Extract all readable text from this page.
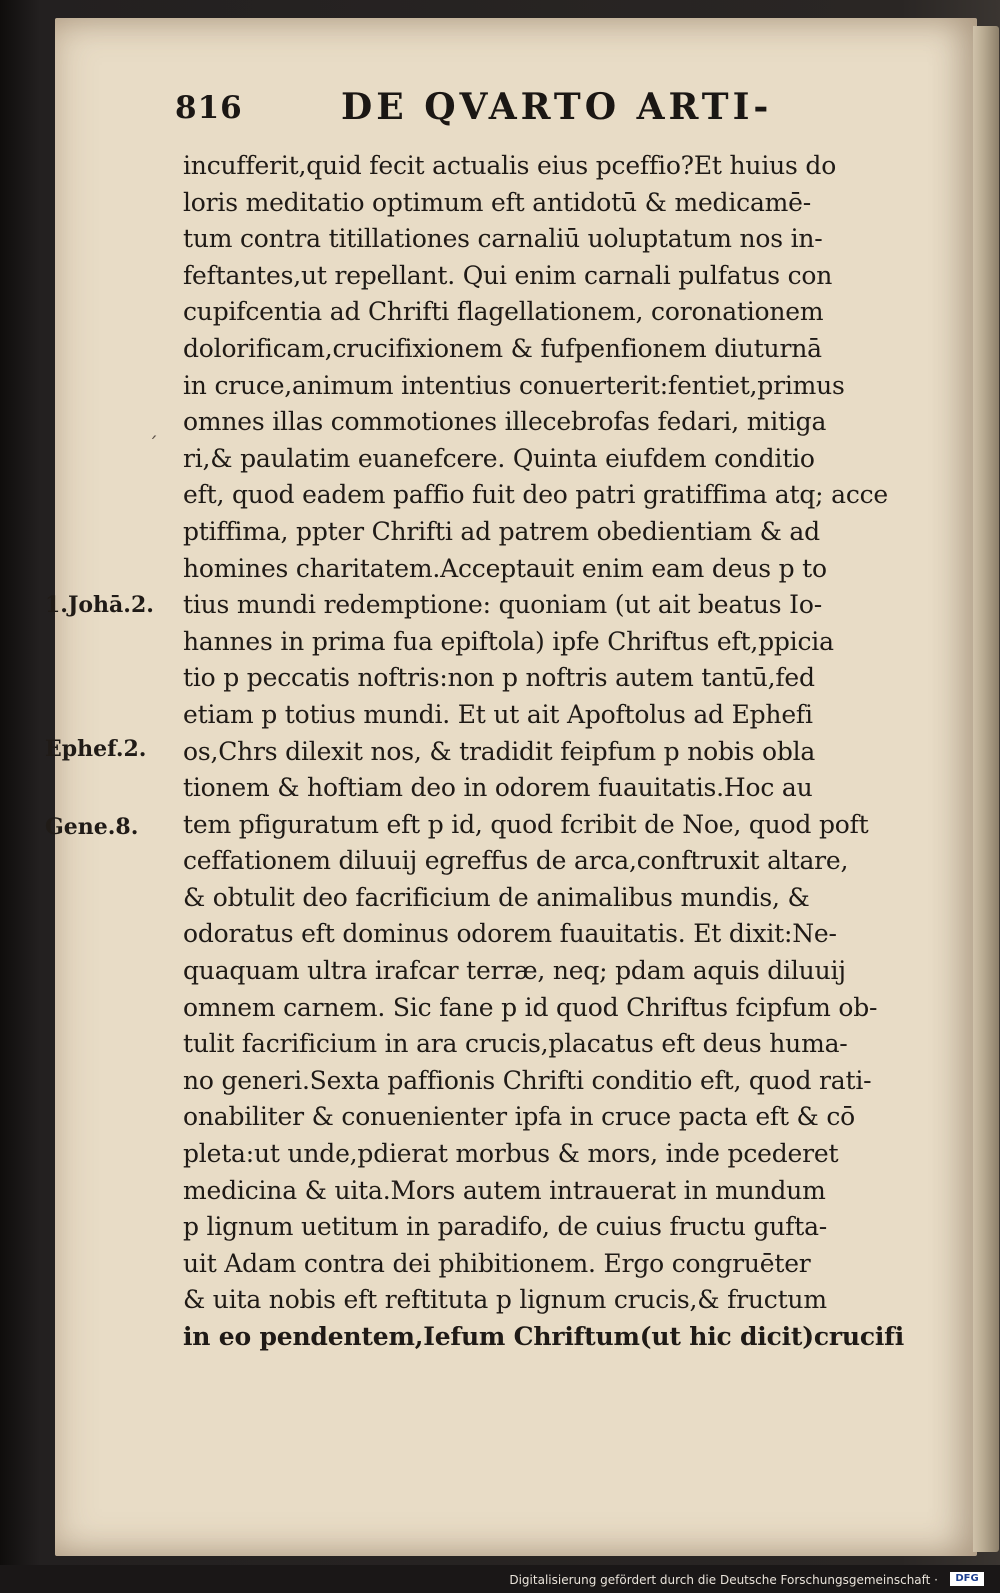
816	DE QVARTO ARTI-
incufferit,quid fecit actualis eius pceffio?Et huius do
loris meditatio optimum eft antidotū & medicamē-
tum contra titillationes carnaliū uoluptatum nos in-
feftantes,ut repellant. Qui enim carnali pulfatus con
cupifcentia ad Chrifti flagellationem, coronationem
dolorificam,crucifixionem & fufpenfionem diuturnā
in cruce,animum intentius conuerterit:fentiet,primus
omnes illas commotiones illecebrofas fedari, mitiga
ri,& paulatim euanefcere. Quinta eiufdem conditio
eft, quod eadem paffio fuit deo patri gratiffima atq; acce
ptiffima, ppter Chrifti ad patrem obedientiam & ad
homines charitatem.Acceptauit enim eam deus p to
tius mundi redemptione: quoniam (ut ait beatus Io-
hannes in prima fua epiftola) ipfe Chriftus eft,ppicia
tio p peccatis noftris:non p noftris autem tantū,fed
etiam p totius mundi. Et ut ait Apoftolus ad Ephefi
os,Chrs dilexit nos, & tradidit feipfum p nobis obla
tionem & hoftiam deo in odorem fuauitatis.Hoc au
tem pfiguratum eft p id, quod fcribit de Noe, quod poft
ceffationem diluuij egreffus de arca,conftruxit altare,
& obtulit deo facrificium de animalibus mundis, &
odoratus eft dominus odorem fuauitatis. Et dixit:Ne-
quaquam ultra irafcar terræ, neq; pdam aquis diluuij
omnem carnem. Sic fane p id quod Chriftus fcipfum ob-
tulit facrificium in ara crucis,placatus eft deus huma-
no generi.Sexta paffionis Chrifti conditio eft, quod rati-
onabiliter & conuenienter ipfa in cruce pacta eft & cō
pleta:ut unde,pdierat morbus & mors, inde pcederet
medicina & uita.Mors autem intrauerat in mundum
p lignum uetitum in paradifo, de cuius fructu gufta-
uit Adam contra dei phibitionem. Ergo congruēter
& uita nobis eft reftituta p lignum crucis,& fructum
in eo pendentem,Iefum Chriftum(ut hic dicit)crucifi
1.Johā.2.
Ephef.2.
Gene.8.
ˊ
Digitalisierung gefördert durch die Deutsche Forschungsgemeinschaft ·	DFG
